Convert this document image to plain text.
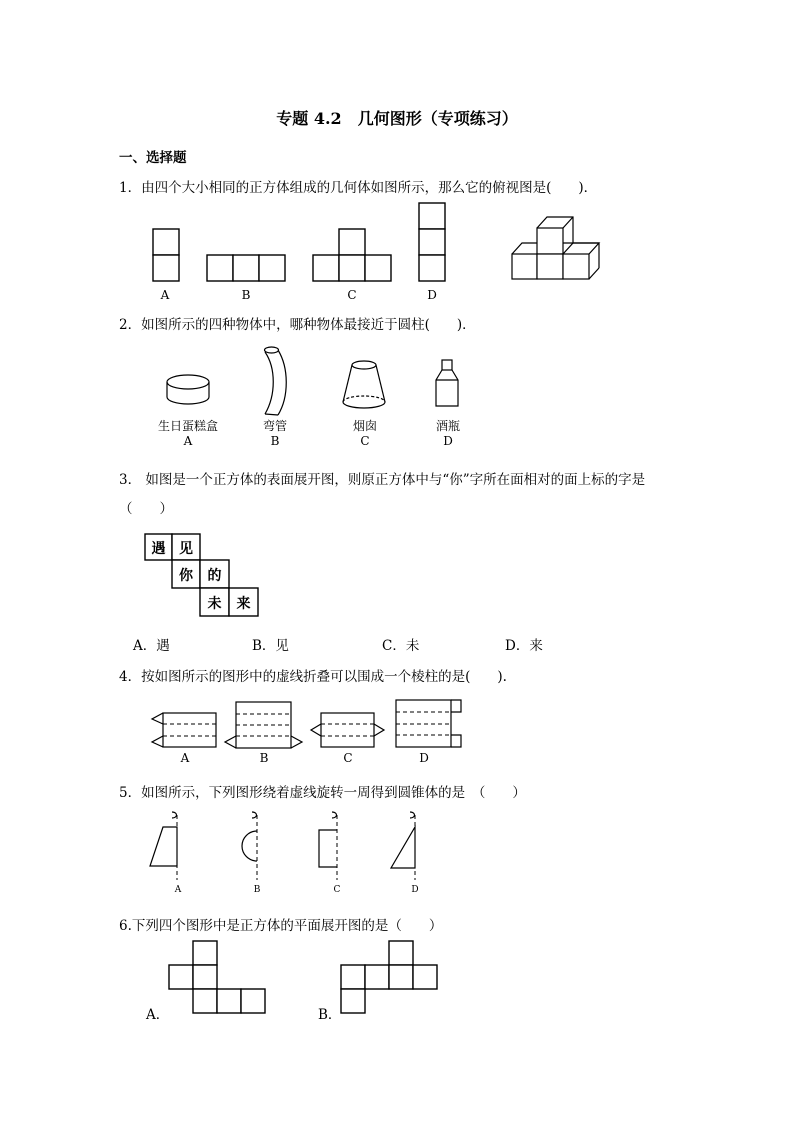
专题 4.2　几何图形（专项练习）
一、选择题
1．由四个大小相同的正方体组成的几何体如图所示，那么它的俯视图是(　　)．
A	B	C	D
2．如图所示的四种物体中，哪种物体最接近于圆柱(　　)．
生日蛋糕盒	弯管	烟囱	酒瓶
A	B	C	D
3． 如图是一个正方体的表面展开图，则原正方体中与“你”字所在面相对的面上标的字是
（　　）
遇 见
你	的
未	来
A．遇	B．见	C．未	D．来
4．按如图所示的图形中的虚线折叠可以围成一个棱柱的是(　　).
A	B	C	D
5．如图所示，下列图形绕着虚线旋转一周得到圆锥体的是　（　　）
A	B	C	D
6.下列四个图形中是正方体的平面展开图的是（　　）
A．	B．
